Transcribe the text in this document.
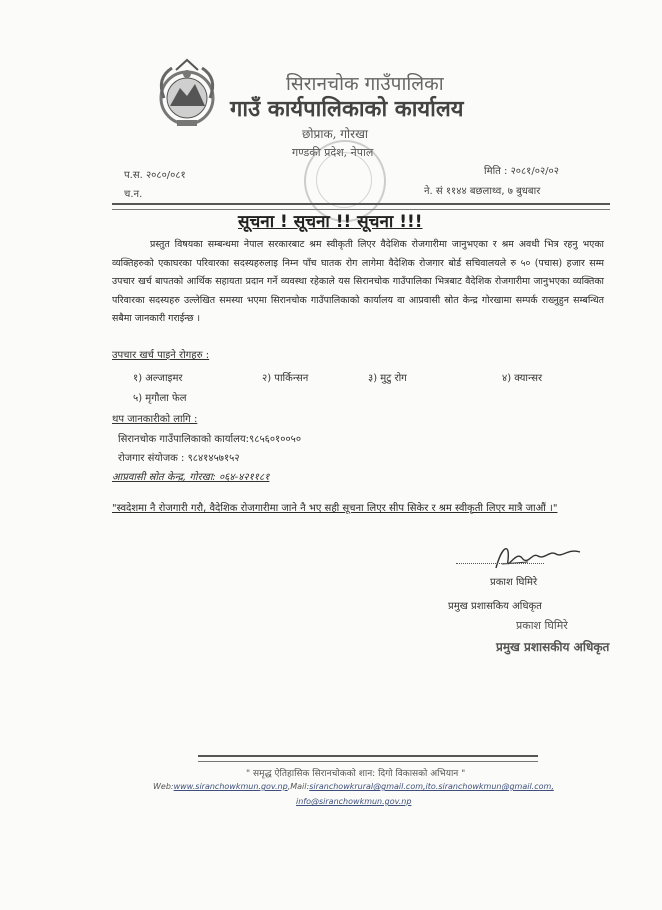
सिरानचोक गाउँपालिका
गाउँ कार्यपालिकाको कार्यालय
छोप्राक, गोरखा
गण्डकी प्रदेश, नेपाल
प.स. २०८०/०८१
च.न.
मिति : २०८१/०२/०२
ने. सं ११४४ बछलाथ्व, ७ बुधबार
सूचना ! सूचना !! सूचना !!!

प्रस्तुत विषयका सम्बन्धमा नेपाल सरकारबाट श्रम स्वीकृती लिएर वैदेशिक रोजगारीमा जानुभएका र श्रम अवधी भित्र रहनु भएका व्यक्तिहरुको एकाघरका परिवारका सदस्यहरुलाइ निम्न पाँच घातक रोग लागेमा वैदेशिक रोजगार बोर्ड सचिवालयले रु ५० (पचास) हजार सम्म उपचार खर्च बापतको आर्थिक सहायता प्रदान गर्ने व्यवस्था रहेकाले यस सिरानचोक गाउँपालिका भित्रबाट वैदेशिक रोजगारीमा जानुभएका व्यक्तिका परिवारका सदस्यहरु उल्लेखित समस्या भएमा सिरानचोक गाउँपालिकाको कार्यालय वा आप्रवासी स्रोत केन्द्र गोरखामा सम्पर्क राख्नुहुन सम्बन्धित सबैमा जानकारी गराईन्छ ।

उपचार खर्च पाइने रोगहरु :
१) अल्जाइमर	२) पार्किन्सन	३) मुटु रोग	४) क्यान्सर
५) मृगौला फेल
थप जानकारीको लागि :
सिरानचोक गाउँपालिकाको कार्यालय:९८५६०१००५०
रोजगार संयोजक : ९८४१४५७१५२
आप्रवासी स्रोत केन्द्र, गोरखा: ०६४-४२११८१
"स्वदेशमा नै रोजगारी गरौ, वैदेशिक रोजगारीमा जाने नै भए सही सूचना लिएर सीप सिकेर र श्रम स्वीकृती लिएर मात्रै जाऔं ।"
प्रकाश घिमिरे
प्रमुख प्रशासकिय अधिकृत
प्रकाश घिमिरे
प्रमुख प्रशासकीय अधिकृत
" समृद्ध ऐतिहासिक सिरानचोकको शान: दिगो विकासको अभियान "
Web:www.siranchowkmun.gov.np,Mail:siranchowkrural@gmail.com,ito.siranchowkmun@gmail.com,
info@siranchowkmun.gov.np
